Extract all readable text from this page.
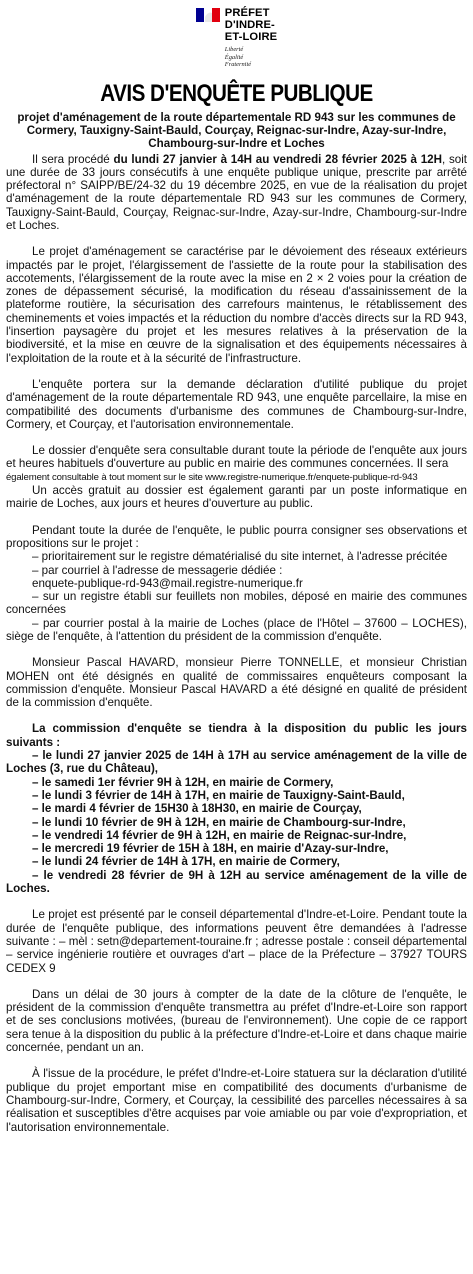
PRÉFET
D'INDRE-
ET-LOIRE
Liberté
Égalité
Fraternité
AVIS D'ENQUÊTE PUBLIQUE
projet d'aménagement de la route départementale RD 943 sur les communes de Cormery, Tauxigny-Saint-Bauld, Courçay, Reignac-sur-Indre, Azay-sur-Indre, Chambourg-sur-Indre et Loches

Il sera procédé du lundi 27 janvier à 14H au vendredi 28 février 2025 à 12H, soit une durée de 33 jours consécutifs à une enquête publique unique, prescrite par arrêté préfectoral n° SAIPP/BE/24-32 du 19 décembre 2025, en vue de la réalisation du projet d'aménagement de la route départementale RD 943 sur les communes de Cormery, Tauxigny-Saint-Bauld, Courçay, Reignac-sur-Indre, Azay-sur-Indre, Chambourg-sur-Indre et Loches.

Le projet d'aménagement se caractérise par le dévoiement des réseaux extérieurs impactés par le projet, l'élargissement de l'assiette de la route pour la stabilisation des accotements, l'élargissement de la route avec la mise en 2 × 2 voies pour la création de zones de dépassement sécurisé, la modification du réseau d'assainissement de la plateforme routière, la sécurisation des carrefours maintenus, le rétablissement des cheminements et voies impactés et la réduction du nombre d'accès directs sur la RD 943, l'insertion paysagère du projet et les mesures relatives à la préservation de la biodiversité, et la mise en œuvre de la signalisation et des équipements nécessaires à l'exploitation de la route et à la sécurité de l'infrastructure.

L'enquête portera sur la demande déclaration d'utilité publique du projet d'aménagement de la route départementale RD 943, une enquête parcellaire, la mise en compatibilité des documents d'urbanisme des communes de Chambourg-sur-Indre, Cormery, et Courçay, et l'autorisation environnementale.

Le dossier d'enquête sera consultable durant toute la période de l'enquête aux jours et heures habituels d'ouverture au public en mairie des communes concernées. Il sera

également consultable à tout moment sur le site www.registre-numerique.fr/enquete-publique-rd-943

Un accès gratuit au dossier est également garanti par un poste informatique en mairie de Loches, aux jours et heures d'ouverture au public.

Pendant toute la durée de l'enquête, le public pourra consigner ses observations et propositions sur le projet :

– prioritairement sur le registre dématérialisé du site internet, à l'adresse précitée

– par courriel à l'adresse de messagerie dédiée :

enquete-publique-rd-943@mail.registre-numerique.fr

– sur un registre établi sur feuillets non mobiles, déposé en mairie des communes concernées

– par courrier postal à la mairie de Loches (place de l'Hôtel – 37600 – LOCHES), siège de l'enquête, à l'attention du président de la commission d'enquête.

Monsieur Pascal HAVARD, monsieur Pierre TONNELLE, et monsieur Christian MOHEN ont été désignés en qualité de commissaires enquêteurs composant la commission d'enquête. Monsieur Pascal HAVARD a été désigné en qualité de président de la commission d'enquête.

La commission d'enquête se tiendra à la disposition du public les jours suivants :

– le lundi 27 janvier 2025 de 14H à 17H au service aménagement de la ville de Loches (3, rue du Château),

– le samedi 1er février 9H à 12H, en mairie de Cormery,

– le lundi 3 février de 14H à 17H, en mairie de Tauxigny-Saint-Bauld,

– le mardi 4 février de 15H30 à 18H30, en mairie de Courçay,

– le lundi 10 février de 9H à 12H, en mairie de Chambourg-sur-Indre,

– le vendredi 14 février de 9H à 12H, en mairie de Reignac-sur-Indre,

– le mercredi 19 février de 15H à 18H, en mairie d'Azay-sur-Indre,

– le lundi 24 février de 14H à 17H, en mairie de Cormery,

– le vendredi 28 février de 9H à 12H au service aménagement de la ville de Loches.

Le projet est présenté par le conseil départemental d'Indre-et-Loire. Pendant toute la durée de l'enquête publique, des informations peuvent être demandées à l'adresse suivante : – mèl : setn@departement-touraine.fr ; adresse postale : conseil départemental – service ingénierie routière et ouvrages d'art – place de la Préfecture – 37927 TOURS CEDEX 9

Dans un délai de 30 jours à compter de la date de la clôture de l'enquête, le président de la commission d'enquête transmettra au préfet d'Indre-et-Loire son rapport et de ses conclusions motivées, (bureau de l'environnement). Une copie de ce rapport sera tenue à la disposition du public à la préfecture d'Indre-et-Loire et dans chaque mairie concernée, pendant un an.

À l'issue de la procédure, le préfet d'Indre-et-Loire statuera sur la déclaration d'utilité publique du projet emportant mise en compatibilité des documents d'urbanisme de Chambourg-sur-Indre, Cormery, et Courçay, la cessibilité des parcelles nécessaires à sa réalisation et susceptibles d'être acquises par voie amiable ou par voie d'expropriation, et l'autorisation environnementale.
